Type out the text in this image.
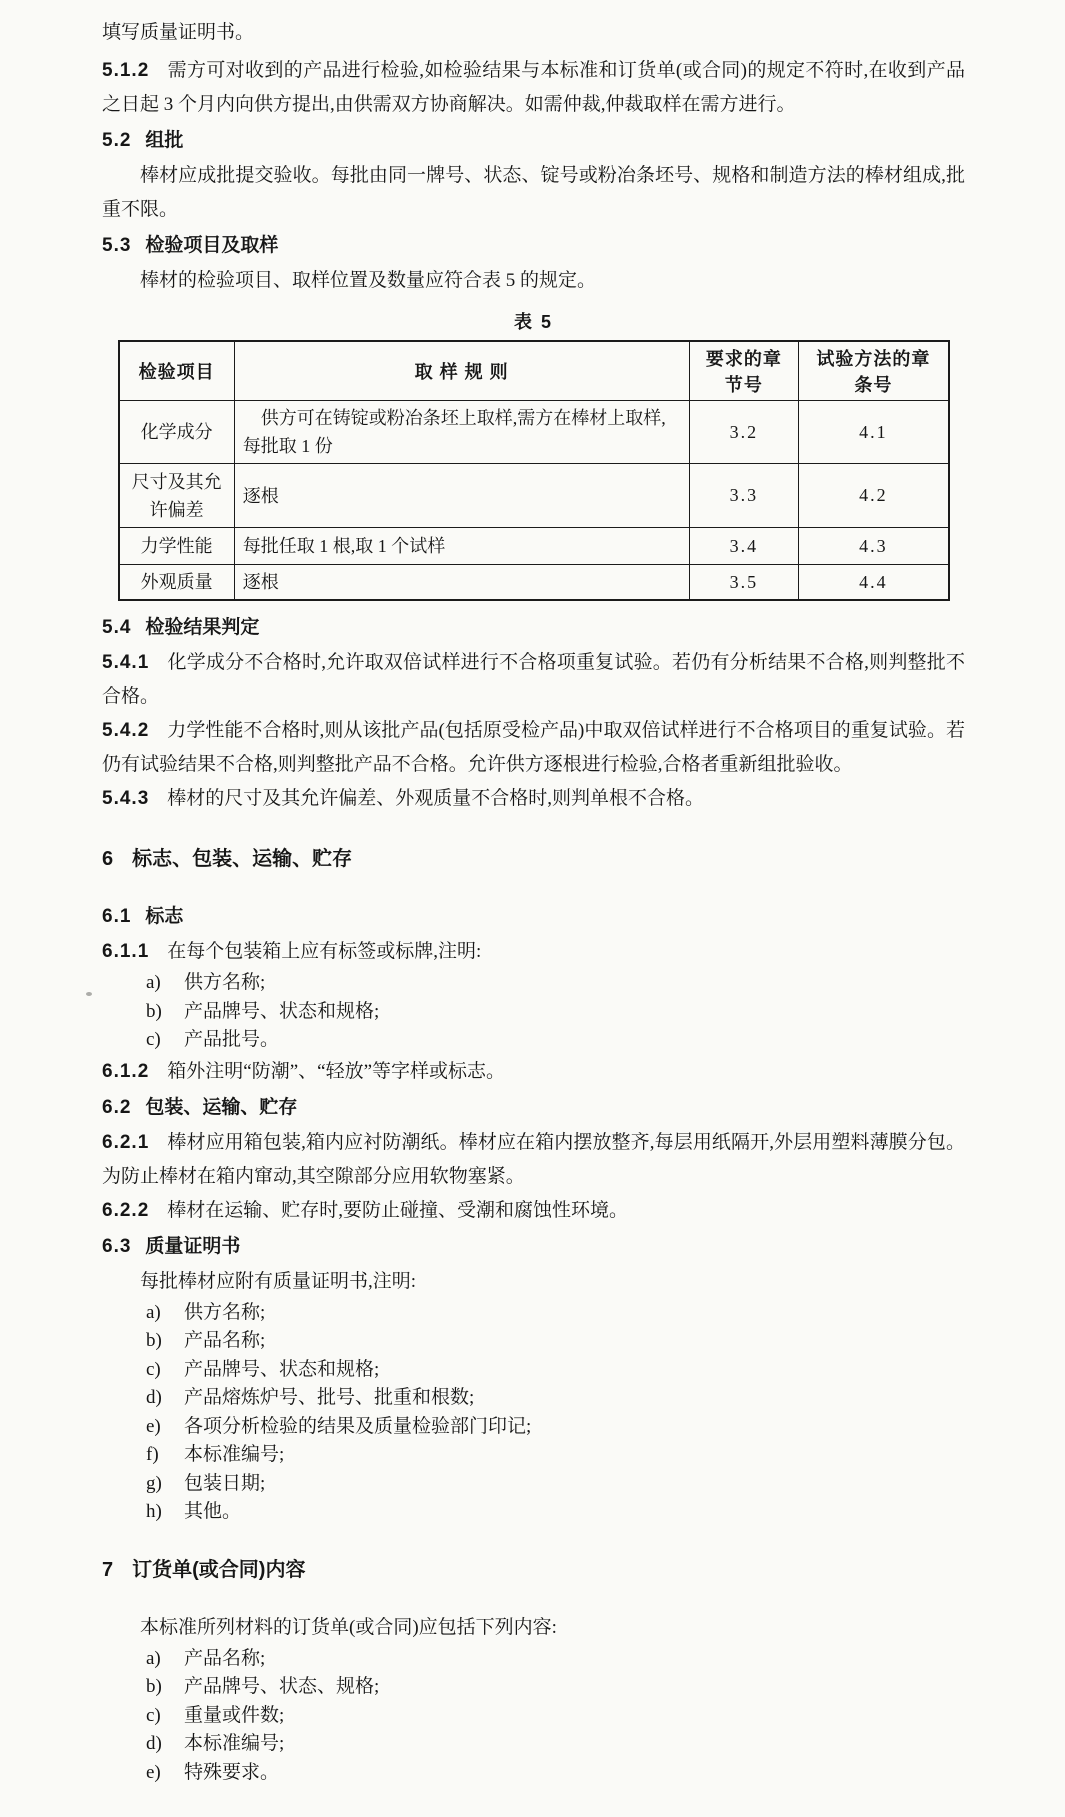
填写质量证明书。

5.1.2 需方可对收到的产品进行检验,如检验结果与本标准和订货单(或合同)的规定不符时,在收到产品之日起 3 个月内向供方提出,由供需双方协商解决。如需仲裁,仲裁取样在需方进行。

5.2 组批

棒材应成批提交验收。每批由同一牌号、状态、锭号或粉冶条坯号、规格和制造方法的棒材组成,批重不限。

5.3 检验项目及取样

棒材的检验项目、取样位置及数量应符合表 5 的规定。

表 5
检验项目	取 样 规 则	要求的章节号	试验方法的章条号
化学成分	供方可在铸锭或粉冶条坯上取样,需方在棒材上取样,每批取 1 份	3.2	4.1
尺寸及其允许偏差	逐根	3.3	4.2
力学性能	每批任取 1 根,取 1 个试样	3.4	4.3
外观质量	逐根	3.5	4.4

5.4 检验结果判定

5.4.1 化学成分不合格时,允许取双倍试样进行不合格项重复试验。若仍有分析结果不合格,则判整批不合格。

5.4.2 力学性能不合格时,则从该批产品(包括原受检产品)中取双倍试样进行不合格项目的重复试验。若仍有试验结果不合格,则判整批产品不合格。允许供方逐根进行检验,合格者重新组批验收。

5.4.3 棒材的尺寸及其允许偏差、外观质量不合格时,则判单根不合格。

6 标志、包装、运输、贮存

6.1 标志

6.1.1 在每个包装箱上应有标签或标牌,注明:

a)	供方名称;
b)	产品牌号、状态和规格;
c)	产品批号。

6.1.2 箱外注明“防潮”、“轻放”等字样或标志。

6.2 包装、运输、贮存

6.2.1 棒材应用箱包装,箱内应衬防潮纸。棒材应在箱内摆放整齐,每层用纸隔开,外层用塑料薄膜分包。为防止棒材在箱内窜动,其空隙部分应用软物塞紧。

6.2.2 棒材在运输、贮存时,要防止碰撞、受潮和腐蚀性环境。

6.3 质量证明书

每批棒材应附有质量证明书,注明:

a)	供方名称;
b)	产品名称;
c)	产品牌号、状态和规格;
d)	产品熔炼炉号、批号、批重和根数;
e)	各项分析检验的结果及质量检验部门印记;
f)	本标准编号;
g)	包装日期;
h)	其他。

7 订货单(或合同)内容

本标准所列材料的订货单(或合同)应包括下列内容:

a)	产品名称;
b)	产品牌号、状态、规格;
c)	重量或件数;
d)	本标准编号;
e)	特殊要求。
